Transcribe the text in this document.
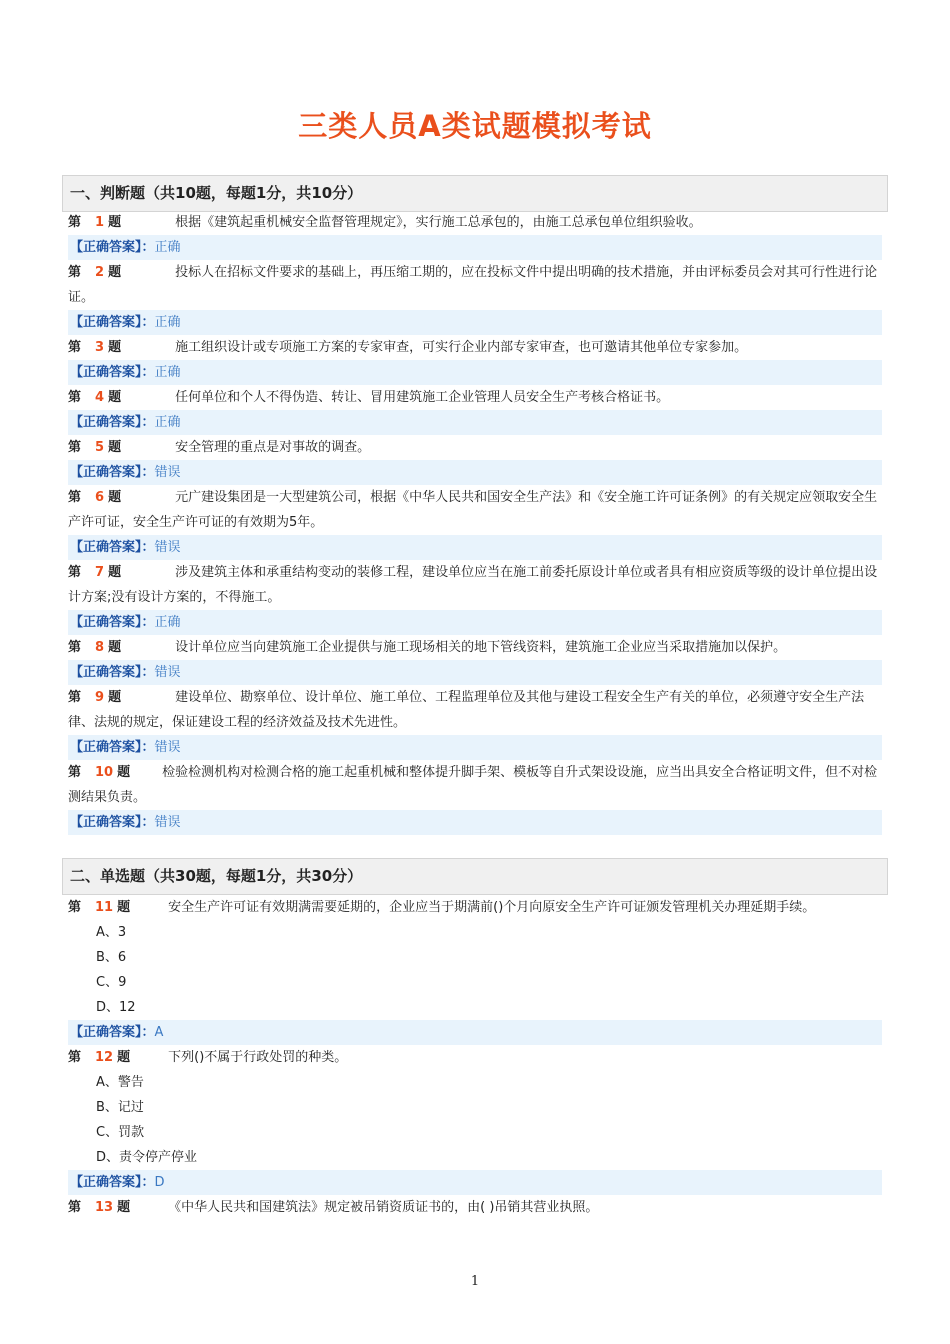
三类人员A类试题模拟考试
一、判断题（共10题，每题1分，共10分）
第 1 题	根据《建筑起重机械安全监督管理规定》，实行施工总承包的，由施工总承包单位组织验收。
【正确答案】：正确
第 2 题	投标人在招标文件要求的基础上，再压缩工期的，应在投标文件中提出明确的技术措施，并由评标委员会对其可行性进行论证。
【正确答案】：正确
第 3 题	施工组织设计或专项施工方案的专家审查，可实行企业内部专家审查，也可邀请其他单位专家参加。
【正确答案】：正确
第 4 题	任何单位和个人不得伪造、转让、冒用建筑施工企业管理人员安全生产考核合格证书。
【正确答案】：正确
第 5 题	安全管理的重点是对事故的调查。
【正确答案】：错误
第 6 题	元广建设集团是一大型建筑公司，根据《中华人民共和国安全生产法》和《安全施工许可证条例》的有关规定应领取安全生产许可证，安全生产许可证的有效期为5年。
【正确答案】：错误
第 7 题	涉及建筑主体和承重结构变动的装修工程，建设单位应当在施工前委托原设计单位或者具有相应资质等级的设计单位提出设计方案;没有设计方案的，不得施工。
【正确答案】：正确
第 8 题	设计单位应当向建筑施工企业提供与施工现场相关的地下管线资料，建筑施工企业应当采取措施加以保护。
【正确答案】：错误
第 9 题	建设单位、勘察单位、设计单位、施工单位、工程监理单位及其他与建设工程安全生产有关的单位，必须遵守安全生产法律、法规的规定，保证建设工程的经济效益及技术先进性。
【正确答案】：错误
第 10 题 检验检测机构对检测合格的施工起重机械和整体提升脚手架、模板等自升式架设设施，应当出具安全合格证明文件，但不对检测结果负责。
【正确答案】：错误
二、单选题（共30题，每题1分，共30分）
第 11 题	安全生产许可证有效期满需要延期的，企业应当于期满前()个月向原安全生产许可证颁发管理机关办理延期手续。
A、3
B、6
C、9
D、12
【正确答案】：A
第 12 题	下列()不属于行政处罚的种类。
A、警告
B、记过
C、罚款
D、责令停产停业
【正确答案】：D
第 13 题	《中华人民共和国建筑法》规定被吊销资质证书的，由( )吊销其营业执照。
1
